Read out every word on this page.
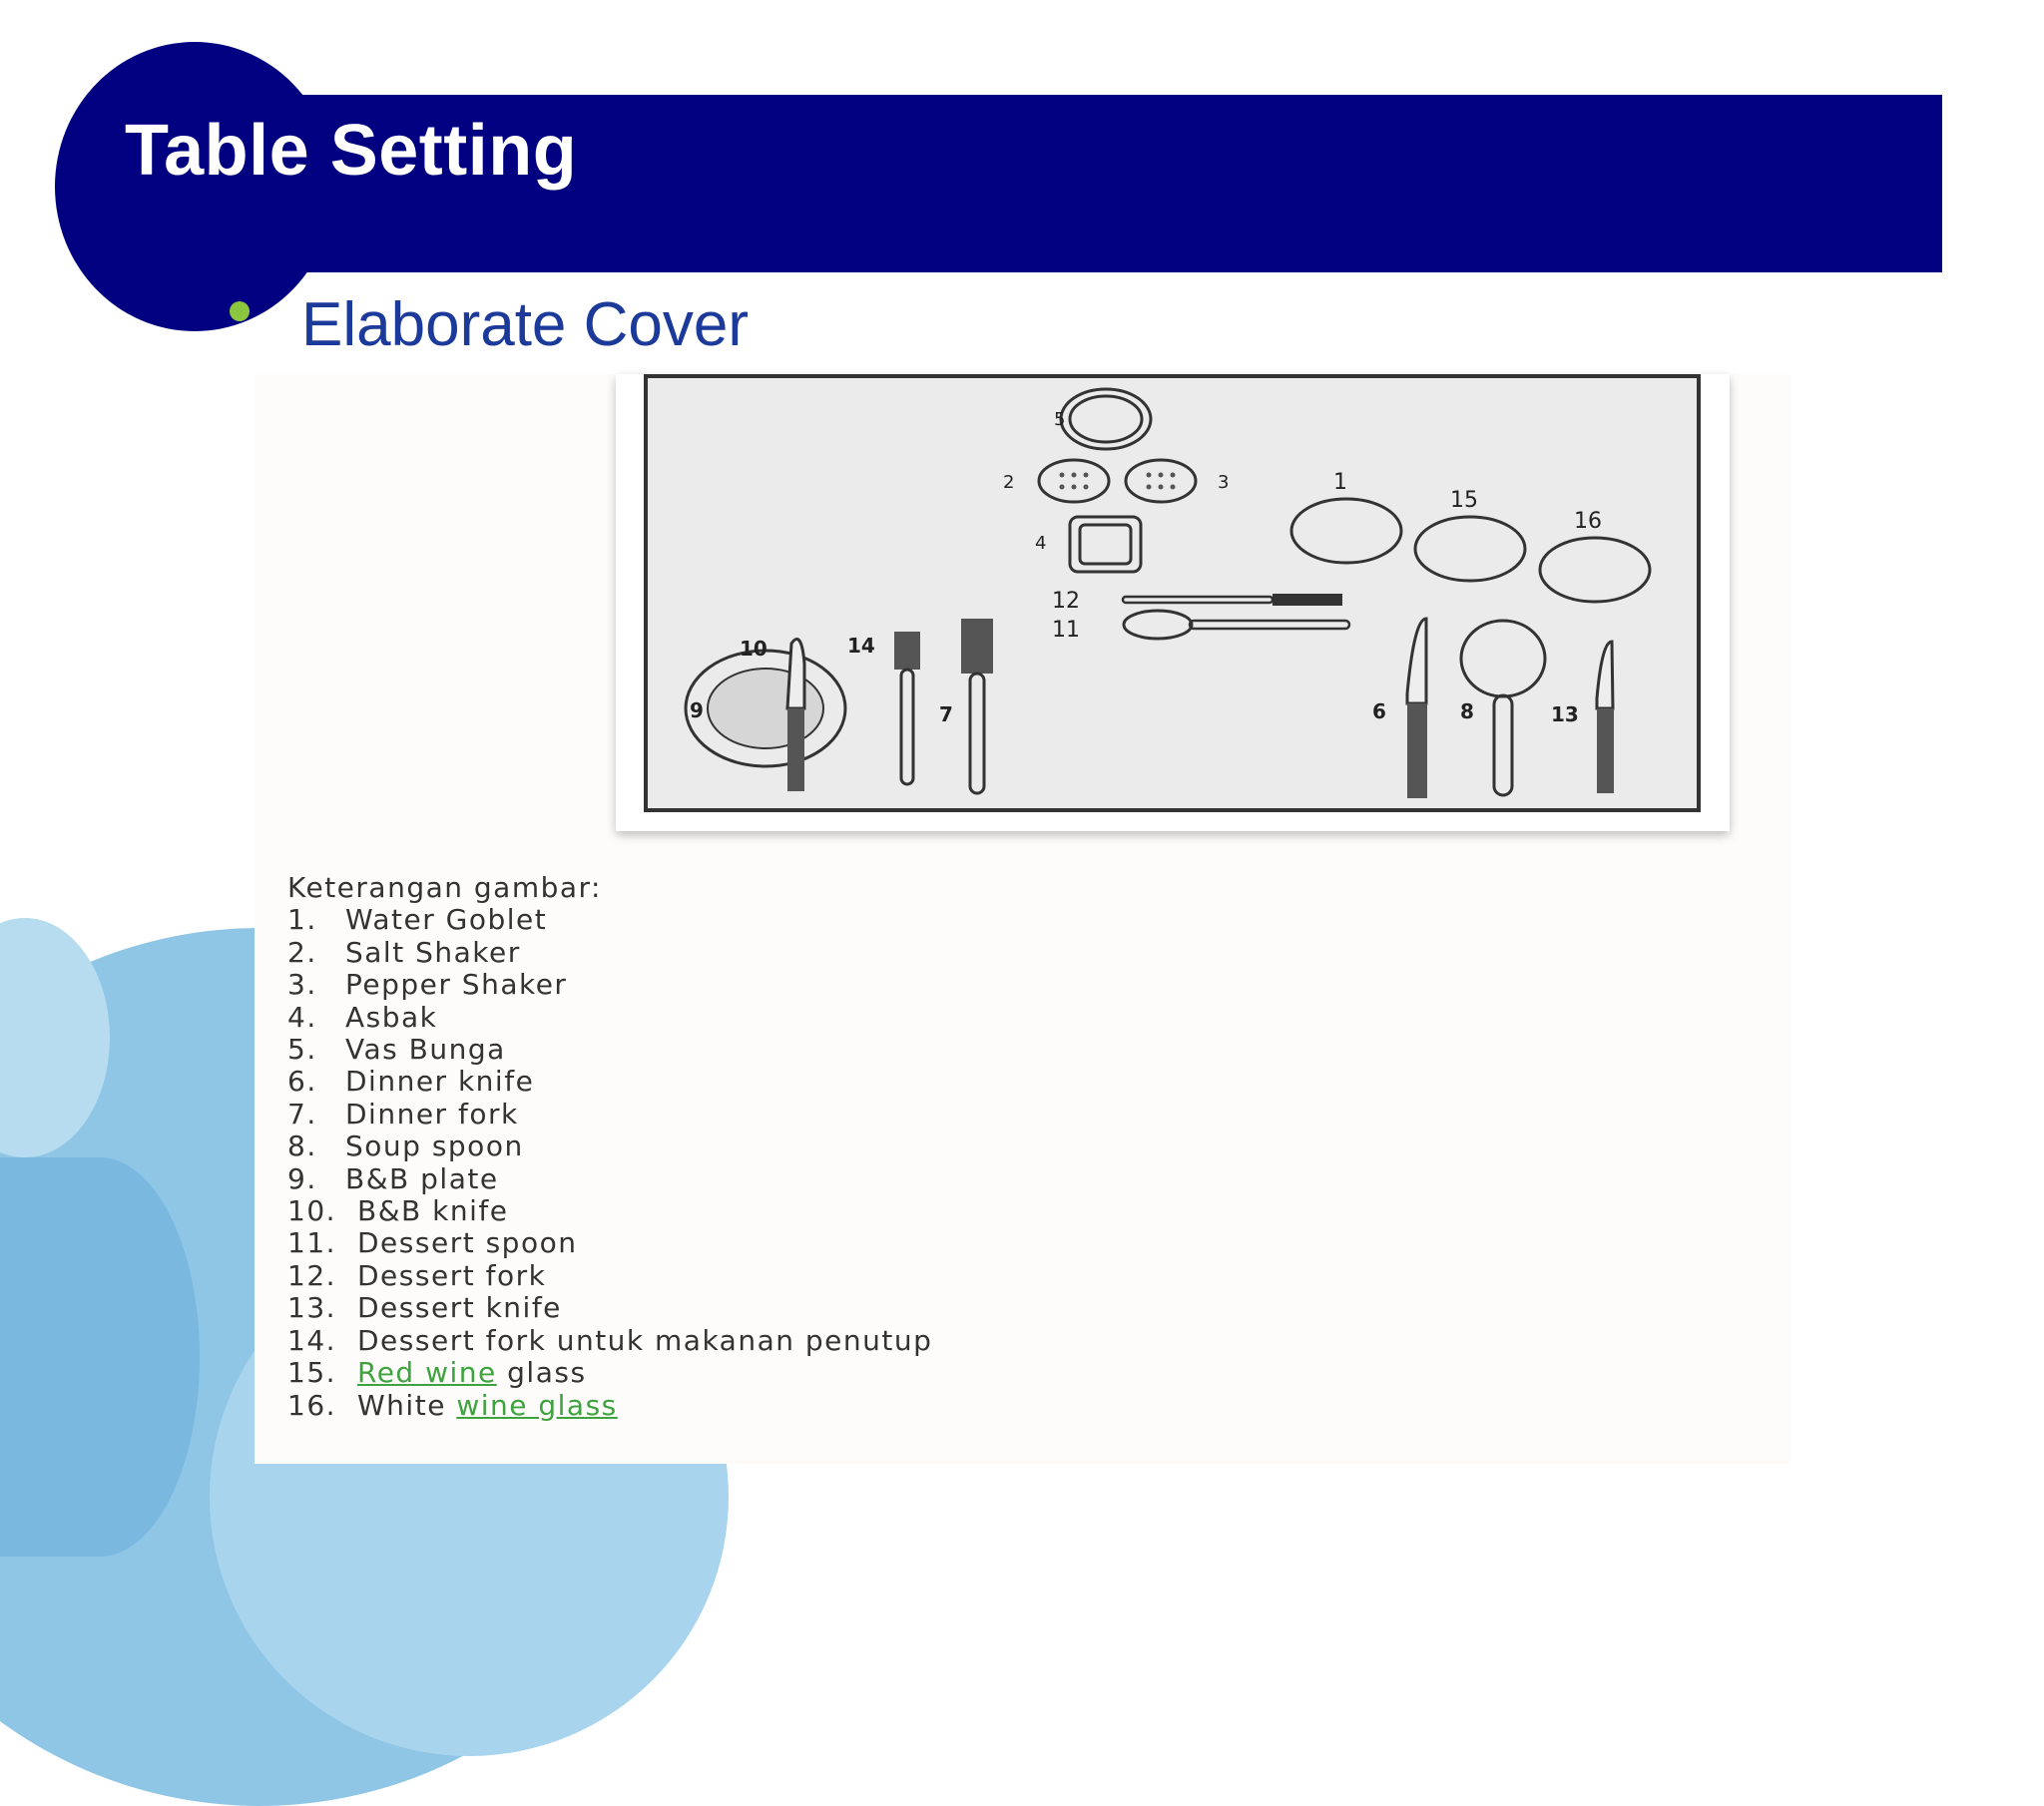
Table Setting
Elaborate Cover
5
2	3
4
1
15
16
12
11
9
10	14
7	6	8	13
Keterangan gambar:
1. Water Goblet
2. Salt Shaker
3. Pepper Shaker
4. Asbak
5. Vas Bunga
6. Dinner knife
7. Dinner fork
8. Soup spoon
9. B&B plate
10. B&B knife
11. Dessert spoon
12. Dessert fork
13. Dessert knife
14. Dessert fork untuk makanan penutup
15. Red wine glass
16. White wine glass
